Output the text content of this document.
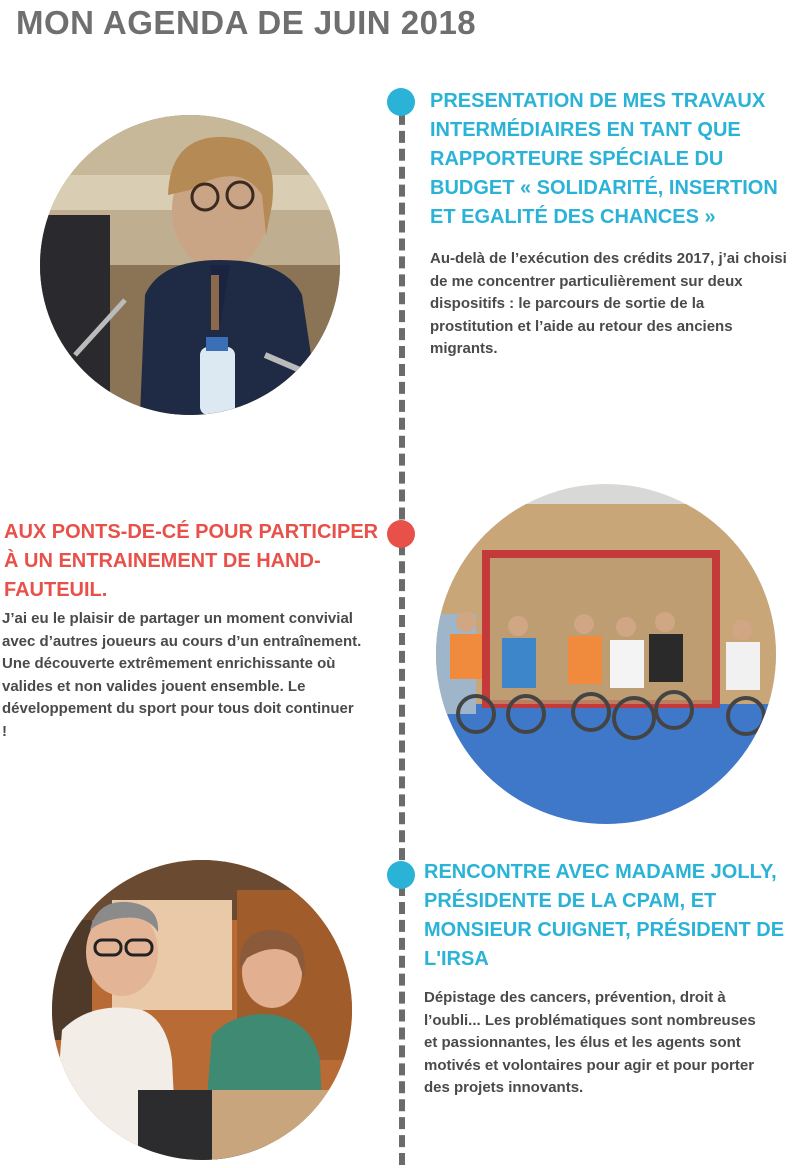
MON AGENDA DE JUIN 2018
PRESENTATION DE MES TRAVAUX INTERMÉDIAIRES EN TANT QUE RAPPORTEURE SPÉCIALE DU BUDGET « SOLIDARITÉ, INSERTION ET EGALITÉ DES CHANCES »

Au-delà de l’exécution des crédits 2017, j’ai choisi de me concentrer particulièrement sur deux dispositifs : le parcours de sortie de la prostitution et l’aide au retour des anciens migrants.

AUX PONTS-DE-CÉ POUR PARTICIPER À UN ENTRAINEMENT DE HAND-FAUTEUIL.

J’ai eu le plaisir de partager un moment convivial avec d’autres joueurs au cours d’un entraînement. Une découverte extrêmement enrichissante où valides et non valides jouent ensemble. Le développement du sport pour tous doit continuer !

RENCONTRE AVEC MADAME JOLLY, PRÉSIDENTE DE LA CPAM, ET MONSIEUR CUIGNET, PRÉSIDENT DE L'IRSA

Dépistage des cancers, prévention, droit à l’oubli... Les problématiques sont nombreuses et passionnantes, les élus et les agents sont motivés et volontaires pour agir et pour porter des projets innovants.
